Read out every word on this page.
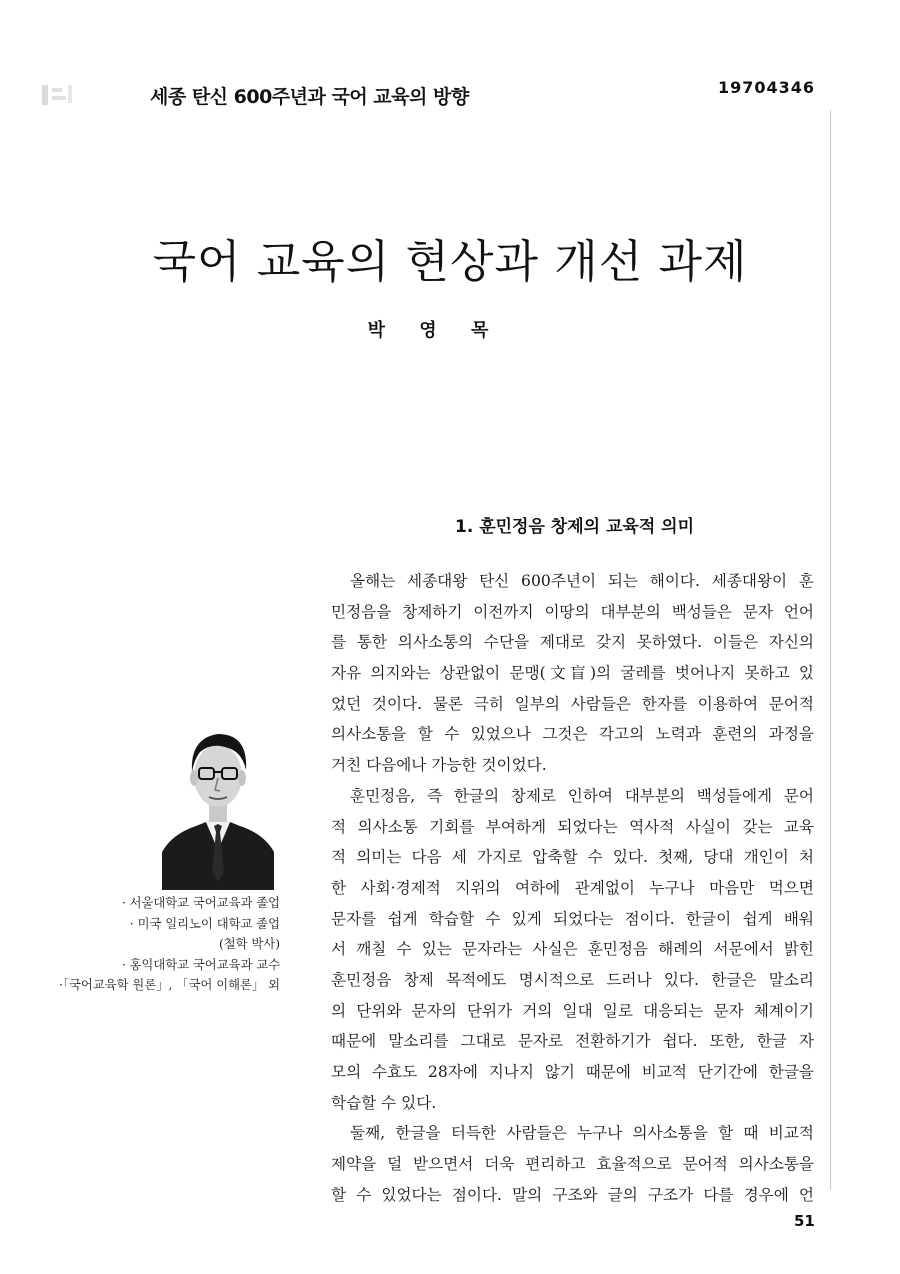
세종 탄신 600주년과 국어 교육의 방향	19704346
국어 교육의 현상과 개선 과제
박 영 목
1. 훈민정음 창제의 교육적 의미
올해는 세종대왕 탄신 600주년이 되는 해이다. 세종대왕이 훈
민정음을 창제하기 이전까지 이땅의 대부분의 백성들은 문자 언어
를 통한 의사소통의 수단을 제대로 갖지 못하였다. 이들은 자신의
자유 의지와는 상관없이 문맹(文盲)의 굴레를 벗어나지 못하고 있
었던 것이다. 물론 극히 일부의 사람들은 한자를 이용하여 문어적
의사소통을 할 수 있었으나 그것은 각고의 노력과 훈련의 과정을
거친 다음에나 가능한 것이었다.
훈민정음, 즉 한글의 창제로 인하여 대부분의 백성들에게 문어
적 의사소통 기회를 부여하게 되었다는 역사적 사실이 갖는 교육
적 의미는 다음 세 가지로 압축할 수 있다. 첫째, 당대 개인이 처
한 사회·경제적 지위의 여하에 관계없이 누구나 마음만 먹으면
문자를 쉽게 학습할 수 있게 되었다는 점이다. 한글이 쉽게 배워
서 깨칠 수 있는 문자라는 사실은 훈민정음 해례의 서문에서 밝힌
훈민정음 창제 목적에도 명시적으로 드러나 있다. 한글은 말소리
의 단위와 문자의 단위가 거의 일대 일로 대응되는 문자 체계이기
때문에 말소리를 그대로 문자로 전환하기가 쉽다. 또한, 한글 자
모의 수효도 28자에 지나지 않기 때문에 비교적 단기간에 한글을
학습할 수 있다.
둘째, 한글을 터득한 사람들은 누구나 의사소통을 할 때 비교적
제약을 덜 받으면서 더욱 편리하고 효율적으로 문어적 의사소통을
할 수 있었다는 점이다. 말의 구조와 글의 구조가 다를 경우에 언
· 서울대학교 국어교육과 졸업
· 미국 일리노이 대학교 졸업
(철학 박사)
· 홍익대학교 국어교육과 교수
·「국어교육학 원론」, 「국어 이해론」 외
51
